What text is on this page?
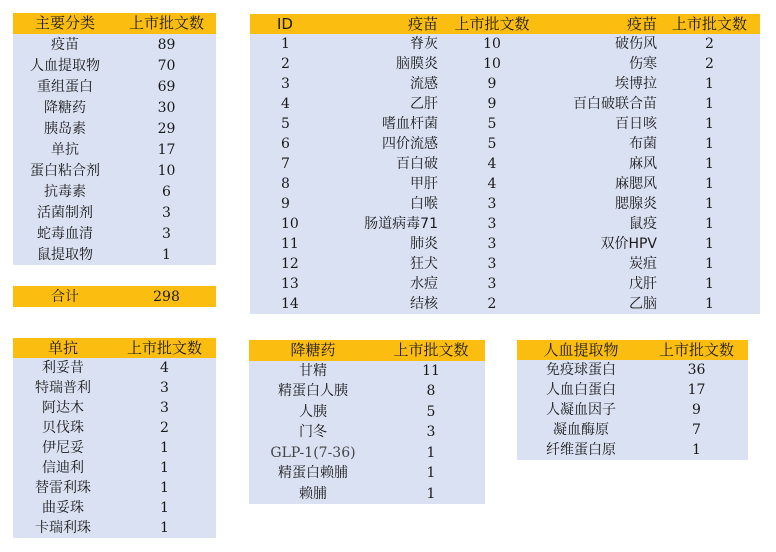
主要分类	上市批文数
疫苗	89
人血提取物	70
重组蛋白	69
降糖药	30
胰岛素	29
单抗	17
蛋白粘合剂	10
抗毒素	6
活菌制剂	3
蛇毒血清	3
鼠提取物	1

合计	298
ID	疫苗	上市批文数	疫苗	上市批文数
1	脊灰	10	破伤风	2
2	脑膜炎	10	伤寒	2
3	流感	9	埃博拉	1
4	乙肝	9	百白破联合苗	1
5	嗜血杆菌	5	百日咳	1
6	四价流感	5	布菌	1
7	百白破	4	麻风	1
8	甲肝	4	麻腮风	1
9	白喉	3	腮腺炎	1
10	肠道病毒71	3	鼠疫	1
11	肺炎	3	双价HPV	1
12	狂犬	3	炭疽	1
13	水痘	3	戊肝	1
14	结核	2	乙脑	1
单抗	上市批文数
利妥昔	4
特瑞普利	3
阿达木	3
贝伐珠	2
伊尼妥	1
信迪利	1
替雷利珠	1
曲妥珠	1
卡瑞利珠	1
降糖药	上市批文数
甘精	11
精蛋白人胰	8
人胰	5
门冬	3
GLP-1(7-36)	1
精蛋白赖脯	1
赖脯	1
人血提取物	上市批文数
免疫球蛋白	36
人血白蛋白	17
人凝血因子	9
凝血酶原	7
纤维蛋白原	1
